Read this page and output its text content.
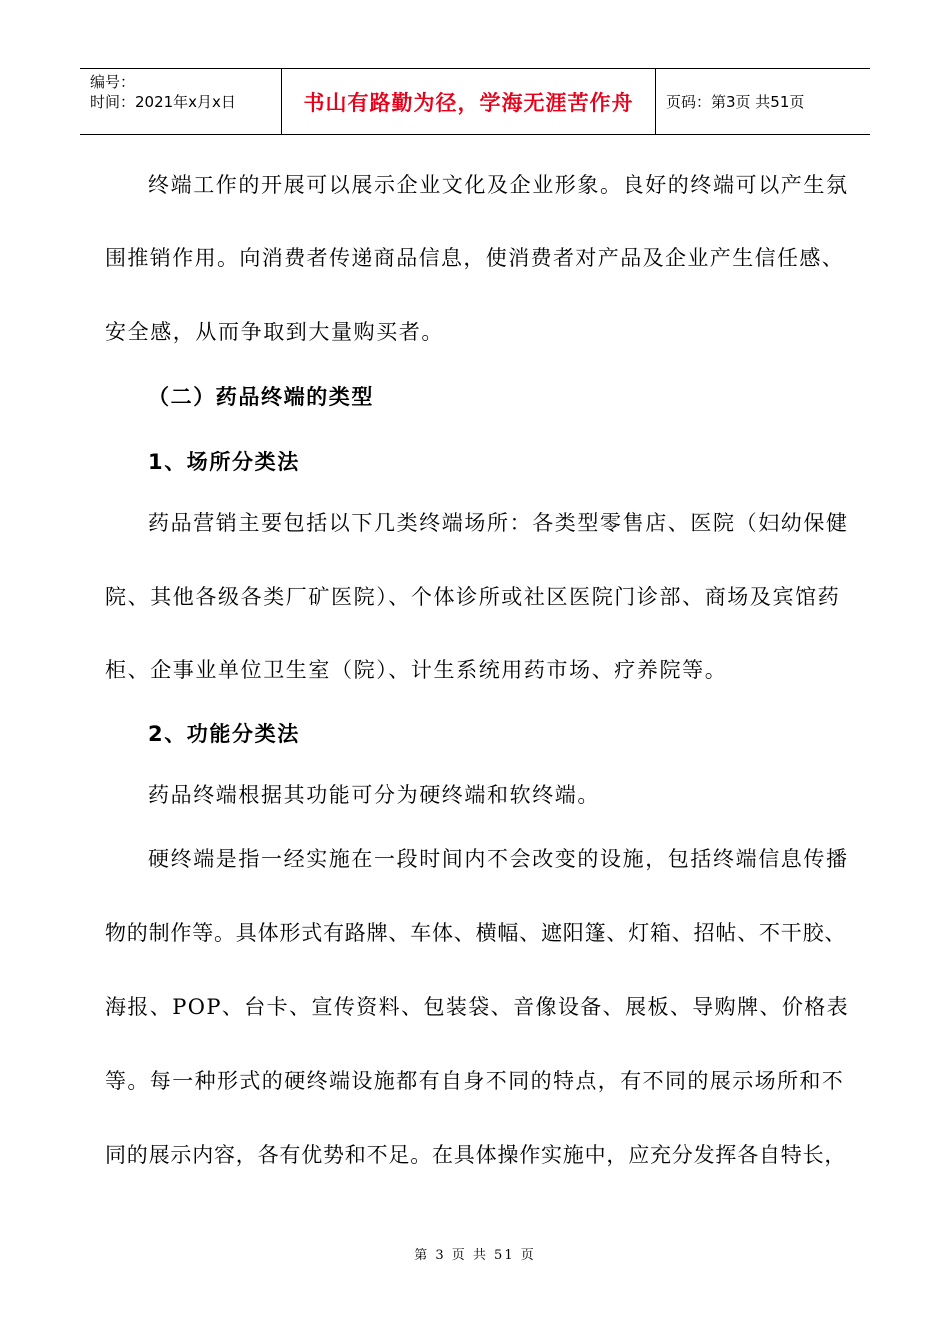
编号：
时间：2021年x月x日	书山有路勤为径，学海无涯苦作舟	页码：第3页 共51页
终端工作的开展可以展示企业文化及企业形象。良好的终端可以产生氛
围推销作用。向消费者传递商品信息，使消费者对产品及企业产生信任感、
安全感，从而争取到大量购买者。
（二）药品终端的类型
1、场所分类法
药品营销主要包括以下几类终端场所：各类型零售店、医院（妇幼保健
院、其他各级各类厂矿医院）、个体诊所或社区医院门诊部、商场及宾馆药
柜、企事业单位卫生室（院）、计生系统用药市场、疗养院等。
2、功能分类法
药品终端根据其功能可分为硬终端和软终端。
硬终端是指一经实施在一段时间内不会改变的设施，包括终端信息传播
物的制作等。具体形式有路牌、车体、横幅、遮阳篷、灯箱、招帖、不干胶、
海报、POP、台卡、宣传资料、包装袋、音像设备、展板、导购牌、价格表
等。每一种形式的硬终端设施都有自身不同的特点，有不同的展示场所和不
同的展示内容，各有优势和不足。在具体操作实施中，应充分发挥各自特长，
第 3 页 共 51 页
